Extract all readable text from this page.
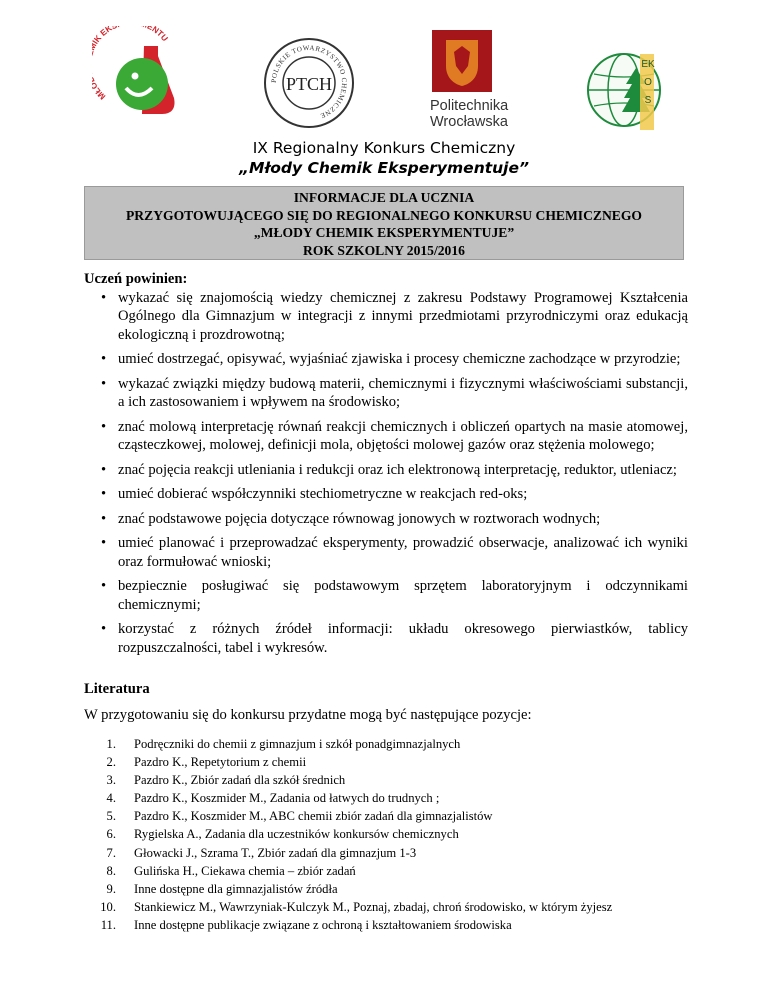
MŁ K EK ENTU
POLSKIE TOWARZYSTWO CHEMICZNE
PTCH
Politechnika
Wrocławska
EKOS
IX Regionalny Konkurs Chemiczny
„Młody Chemik Eksperymentuje”
INFORMACJE DLA UCZNIA
PRZYGOTOWUJĄCEGO SIĘ DO REGIONALNEGO KONKURSU CHEMICZNEGO
„MŁODY CHEMIK EKSPERYMENTUJE”
ROK SZKOLNY 2015/2016
Uczeń powinien:
• wykazać się znajomością wiedzy chemicznej z zakresu Podstawy Programowej Kształcenia Ogólnego dla Gimnazjum w integracji z innymi przedmiotami przyrodniczymi oraz edukacją ekologiczną i prozdrowotną;
• umieć dostrzegać, opisywać, wyjaśniać zjawiska i procesy chemiczne zachodzące w przyrodzie;
• wykazać związki między budową materii, chemicznymi i fizycznymi właściwościami substancji, a ich zastosowaniem i wpływem na środowisko;
• znać molową interpretację równań reakcji chemicznych i obliczeń opartych na masie atomowej, cząsteczkowej, molowej, definicji mola, objętości molowej gazów oraz stężenia molowego;
• znać pojęcia reakcji utleniania i redukcji oraz ich elektronową interpretację, reduktor, utleniacz;
• umieć dobierać współczynniki stechiometryczne w reakcjach red-oks;
• znać podstawowe pojęcia dotyczące równowag jonowych w roztworach wodnych;
• umieć planować i przeprowadzać eksperymenty, prowadzić obserwacje, analizować ich wyniki oraz formułować wnioski;
• bezpiecznie posługiwać się podstawowym sprzętem laboratoryjnym i odczynnikami chemicznymi;
• korzystać z różnych źródeł informacji: układu okresowego pierwiastków, tablicy rozpuszczalności, tabel i wykresów.
Literatura
W przygotowaniu się do konkursu przydatne mogą być następujące pozycje:
1. Podręczniki do chemii z gimnazjum i szkół ponadgimnazjalnych
2. Pazdro K., Repetytorium z chemii
3. Pazdro K., Zbiór zadań dla szkół średnich
4. Pazdro K., Koszmider M., Zadania od łatwych do trudnych ;
5. Pazdro K., Koszmider M., ABC chemii zbiór zadań dla gimnazjalistów
6. Rygielska A., Zadania dla uczestników konkursów chemicznych
7. Głowacki J., Szrama T., Zbiór zadań dla gimnazjum 1-3
8. Gulińska H., Ciekawa chemia – zbiór zadań
9. Inne dostępne dla gimnazjalistów źródła
10. Stankiewicz M., Wawrzyniak-Kulczyk M., Poznaj, zbadaj, chroń środowisko, w którym żyjesz
11. Inne dostępne publikacje związane z ochroną i kształtowaniem środowiska
